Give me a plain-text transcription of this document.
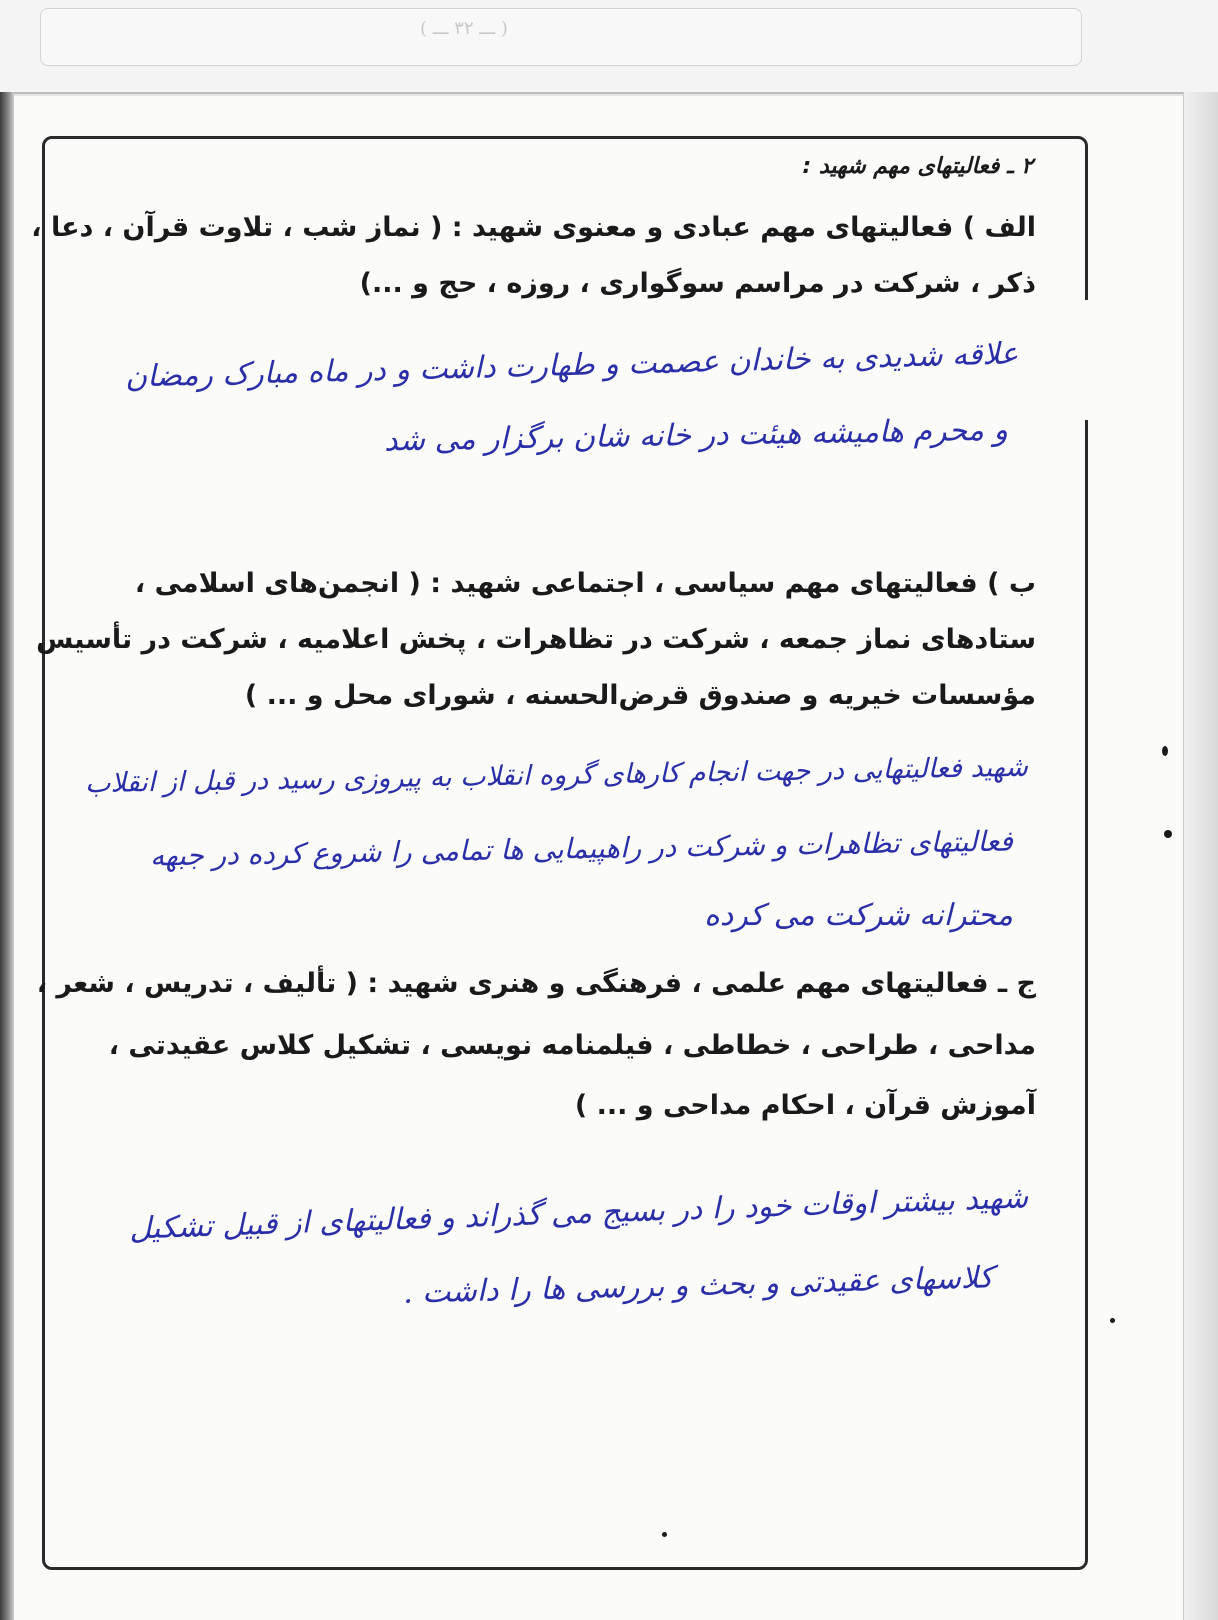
( ـــ ۳۲ ـــ )
۲ ـ فعالیتهای مهم شهید :
الف ) فعالیتهای مهم عبادی و معنوی شهید : ( نماز شب ، تلاوت قرآن ، دعا ،
ذکر ، شرکت در مراسم سوگواری ، روزه ، حج و ...)
علاقه شدیدی به خاندان عصمت و طهارت داشت و در ماه مبارک رمضان
و محرم هامیشه هیئت در خانه شان برگزار می شد
ب ) فعالیتهای مهم سیاسی ، اجتماعی شهید : ( انجمن‌های اسلامی ،
ستادهای نماز جمعه ، شرکت در تظاهرات ، پخش اعلامیه ، شرکت در تأسیس
مؤسسات خیریه و صندوق قرض‌الحسنه ، شورای محل و ... )
شهید فعالیتهایی در جهت انجام کارهای گروه انقلاب به پیروزی رسید در قبل از انقلاب
فعالیتهای تظاهرات و شرکت در راهپیمایی ها تمامی را شروع کرده در جبهه
محترانه شرکت می کرده
ج ـ فعالیتهای مهم علمی ، فرهنگی و هنری شهید : ( تألیف ، تدریس ، شعر ،
مداحی ، طراحی ، خطاطی ، فیلمنامه نویسی ، تشکیل کلاس عقیدتی ،
آموزش قرآن ، احکام مداحی و ... )
شهید بیشتر اوقات خود را در بسیج می گذراند و فعالیتهای از قبیل تشکیل
کلاسهای عقیدتی و بحث و بررسی ها را داشت .
